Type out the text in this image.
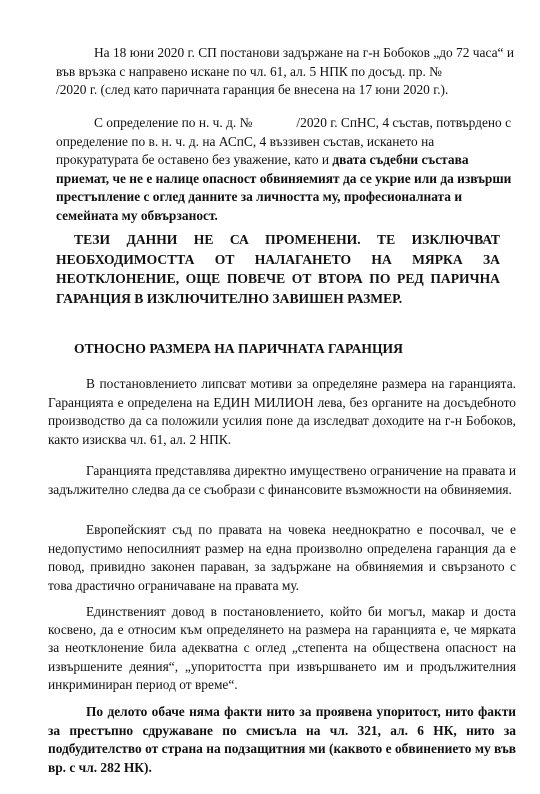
На 18 юни 2020 г. СП постанови задържане на г-н Бобоков „до 72 часа“ и във връзка с направено искане по чл. 61, ал. 5 НПК по досъд. пр. №/2020 г. (след като паричната гаранция бе внесена на 17 юни 2020 г.).

С определение по н. ч. д. №	/2020 г. СпНС, 4 състав, потвърдено с определение по в. н. ч. д. на АСпС, 4 въззивен състав, искането на прокуратурата бе оставено без уважение, като и двата съдебни състава приемат, че не е налице опасност обвиняемият да се укрие или да извърши престъпление с оглед данните за личността му, професионалната и семейната му обвързаност.

ТЕЗИ ДАННИ НЕ СА ПРОМЕНЕНИ. ТЕ ИЗКЛЮЧВАТ НЕОБХОДИМОСТТА ОТ НАЛАГАНЕТО НА МЯРКА ЗА НЕОТКЛОНЕНИЕ, ОЩЕ ПОВЕЧЕ ОТ ВТОРА ПО РЕД ПАРИЧНА ГАРАНЦИЯ В ИЗКЛЮЧИТЕЛНО ЗАВИШЕН РАЗМЕР.

ОТНОСНО РАЗМЕРА НА ПАРИЧНАТА ГАРАНЦИЯ

В постановлението липсват мотиви за определяне размера на гаранцията. Гаранцията е определена на ЕДИН МИЛИОН лева, без органите на досъдебното производство да са положили усилия поне да изследват доходите на г-н Бобоков, както изисква чл. 61, ал. 2 НПК.

Гаранцията представлява директно имуществено ограничение на правата и задължително следва да се съобрази с финансовите възможности на обвиняемия.

Европейският съд по правата на човека нееднократно е посочвал, че е недопустимо непосилният размер на една произволно определена гаранция да е повод, привидно законен параван, за задържане на обвиняемия и свързаното с това драстично ограничаване на правата му.

Единственият довод в постановлението, който би могъл, макар и доста косвено, да е относим към определянето на размера на гаранцията е, че мярката за неотклонение била адекватна с оглед „степента на обществена опасност на извършените деяния“, „упоритостта при извършването им и продължителния инкриминиран период от време“.

По делото обаче няма факти нито за проявена упоритост, нито факти за престъпно сдружаване по смисъла на чл. 321, ал. 6 НК, нито за подбудителство от страна на подзащитния ми (каквото е обвинението му във вр. с чл. 282 НК).
